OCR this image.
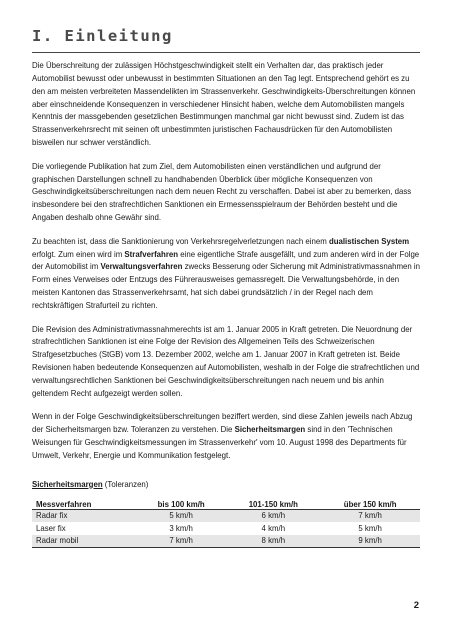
I. Einleitung

Die Überschreitung der zulässigen Höchstgeschwindigkeit stellt ein Verhalten dar, das praktisch jeder Automobilist bewusst oder unbewusst in bestimmten Situationen an den Tag legt. Entsprechend gehört es zu den am meisten verbreiteten Massendelikten im Strassenverkehr. Geschwindigkeits-Überschreitungen können aber einschneidende Konsequenzen in verschiedener Hinsicht haben, welche dem Automobilisten mangels Kenntnis der massgebenden gesetzlichen Bestimmungen manchmal gar nicht bewusst sind. Zudem ist das Strassenverkehrsrecht mit seinen oft unbestimmten juristischen Fachausdrücken für den Automobilisten bisweilen nur schwer verständlich.

Die vorliegende Publikation hat zum Ziel, dem Automobilisten einen verständlichen und aufgrund der graphischen Darstellungen schnell zu handhabenden Überblick über mögliche Konsequenzen von Geschwindigkeitsüberschreitungen nach dem neuen Recht zu verschaffen. Dabei ist aber zu bemerken, dass insbesondere bei den strafrechtlichen Sanktionen ein Ermessensspielraum der Behörden besteht und die Angaben deshalb ohne Gewähr sind.

Zu beachten ist, dass die Sanktionierung von Verkehrsregelverletzungen nach einem dualistischen System erfolgt. Zum einen wird im Strafverfahren eine eigentliche Strafe ausgefällt, und zum anderen wird in der Folge der Automobilist im Verwaltungsverfahren zwecks Besserung oder Sicherung mit Administrativmassnahmen in Form eines Verweises oder Entzugs des Führerausweises gemassregelt. Die Verwaltungsbehörde, in den meisten Kantonen das Strassenverkehrsamt, hat sich dabei grundsätzlich / in der Regel nach dem rechtskräftigen Strafurteil zu richten.

Die Revision des Administrativmassnahmerechts ist am 1. Januar 2005 in Kraft getreten. Die Neuordnung der strafrechtlichen Sanktionen ist eine Folge der Revision des Allgemeinen Teils des Schweizerischen Strafgesetzbuches (StGB) vom 13. Dezember 2002, welche am 1. Januar 2007 in Kraft getreten ist. Beide Revisionen haben bedeutende Konsequenzen auf Automobilisten, weshalb in der Folge die strafrechtlichen und verwaltungsrechtlichen Sanktionen bei Geschwindigkeitsüberschreitungen nach neuem und bis anhin geltendem Recht aufgezeigt werden sollen.

Wenn in der Folge Geschwindigkeitsüberschreitungen beziffert werden, sind diese Zahlen jeweils nach Abzug der Sicherheitsmargen bzw. Toleranzen zu verstehen. Die Sicherheitsmargen sind in den 'Technischen Weisungen für Geschwindigkeitsmessungen im Strassenverkehr' vom 10. August 1998 des Departments für Umwelt, Verkehr, Energie und Kommunikation festgelegt.

Sicherheitsmargen (Toleranzen)
Messverfahren	bis 100 km/h	101-150 km/h	über 150 km/h
Radar fix	5 km/h	6 km/h	7 km/h
Laser fix	3 km/h	4 km/h	5 km/h
Radar mobil	7 km/h	8 km/h	9 km/h
2
